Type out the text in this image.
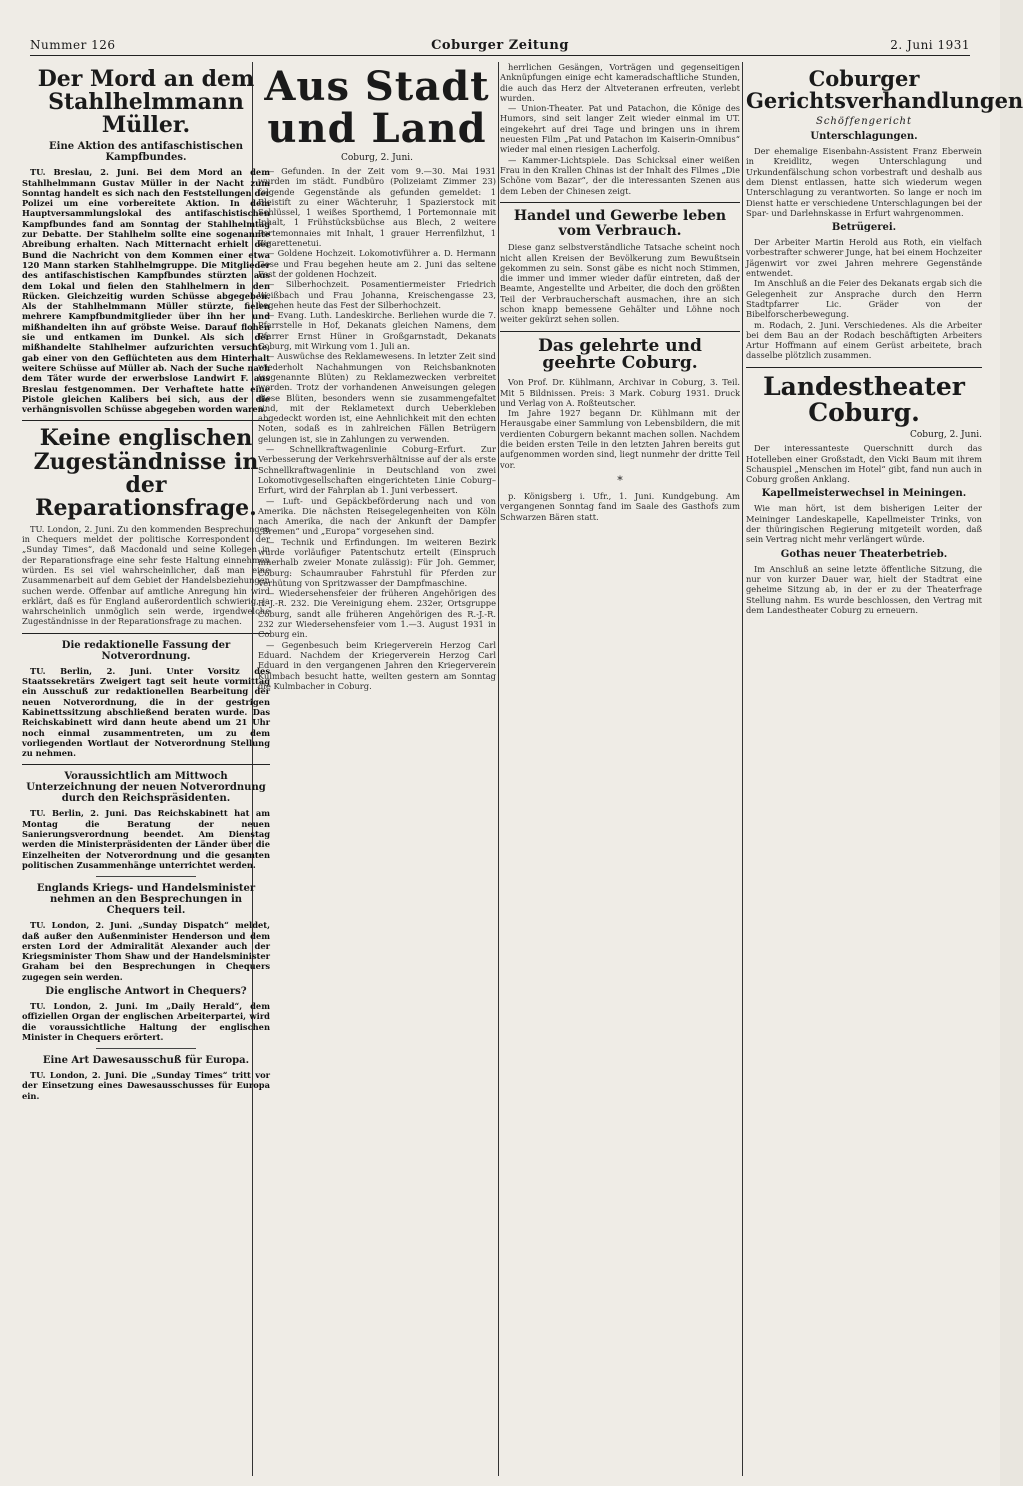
Nummer 126	Coburger Zeitung	2. Juni 1931
Der Mord an dem Stahlhelmmann Müller.
Eine Aktion des antifaschistischen Kampfbundes.

TU. Breslau, 2. Juni. Bei dem Mord an dem Stahlhelmmann Gustav Müller in der Nacht zum Sonntag handelt es sich nach den Feststellungen der Polizei um eine vorbereitete Aktion. In dem Hauptversammlungslokal des antifaschistischen Kampfbundes fand am Sonntag der Stahlhelmtag zur Debatte. Der Stahlhelm sollte eine sogenannte Abreibung erhalten. Nach Mitternacht erhielt der Bund die Nachricht von dem Kommen einer etwa 120 Mann starken Stahlhelmgruppe. Die Mitglieder des antifaschistischen Kampfbundes stürzten aus dem Lokal und fielen den Stahlhelmern in den Rücken. Gleichzeitig wurden Schüsse abgegeben. Als der Stahlhelmmann Müller stürzte, fielen mehrere Kampfbundmitglieder über ihn her und mißhandelten ihn auf gröbste Weise. Darauf flohen sie und entkamen im Dunkel. Als sich der mißhandelte Stahlhelmer aufzurichten versuchte, gab einer von den Geflüchteten aus dem Hinterhalt weitere Schüsse auf Müller ab. Nach der Suche nach dem Täter wurde der erwerbslose Landwirt F. aus Breslau festgenommen. Der Verhaftete hatte eine Pistole gleichen Kalibers bei sich, aus der die verhängnisvollen Schüsse abgegeben worden waren.

Keine englischen Zugeständnisse in der Reparationsfrage.

TU. London, 2. Juni. Zu den kommenden Besprechungen in Chequers meldet der politische Korrespondent der „Sunday Times“, daß Macdonald und seine Kollegen in der Reparationsfrage eine sehr feste Haltung einnehmen würden. Es sei viel wahrscheinlicher, daß man eine Zusammenarbeit auf dem Gebiet der Handelsbeziehungen suchen werde. Offenbar auf amtliche Anregung hin wird erklärt, daß es für England außerordentlich schwierig, ja wahrscheinlich unmöglich sein werde, irgendwelche Zugeständnisse in der Reparationsfrage zu machen.

Die redaktionelle Fassung der Notverordnung.

TU. Berlin, 2. Juni. Unter Vorsitz des Staatssekretärs Zweigert tagt seit heute vormittag ein Ausschuß zur redaktionellen Bearbeitung der neuen Notverordnung, die in der gestrigen Kabinettssitzung abschließend beraten wurde. Das Reichskabinett wird dann heute abend um 21 Uhr noch einmal zusammentreten, um zu dem vorliegenden Wortlaut der Notverordnung Stellung zu nehmen.

Voraussichtlich am Mittwoch Unterzeichnung der neuen Notverordnung durch den Reichspräsidenten.

TU. Berlin, 2. Juni. Das Reichskabinett hat am Montag die Beratung der neuen Sanierungsverordnung beendet. Am Dienstag werden die Ministerpräsidenten der Länder über die Einzelheiten der Notverordnung und die gesamten politischen Zusammenhänge unterrichtet werden.

Englands Kriegs- und Handelsminister nehmen an den Besprechungen in Chequers teil.

TU. London, 2. Juni. „Sunday Dispatch“ meldet, daß außer den Außenminister Henderson und dem ersten Lord der Admiralität Alexander auch der Kriegsminister Thom Shaw und der Handelsminister Graham bei den Besprechungen in Chequers zugegen sein werden.

Die englische Antwort in Chequers?

TU. London, 2. Juni. Im „Daily Herald“, dem offiziellen Organ der englischen Arbeiterpartei, wird die voraussichtliche Haltung der englischen Minister in Chequers erörtert.

Eine Art Dawesausschuß für Europa.

TU. London, 2. Juni. Die „Sunday Times“ tritt vor der Einsetzung eines Dawesausschusses für Europa ein.

Aus Stadt und Land
Coburg, 2. Juni.

— Gefunden. In der Zeit vom 9.—30. Mai 1931 wurden im städt. Fundbüro (Polizeiamt Zimmer 23) folgende Gegenstände als gefunden gemeldet: 1 Bleistift zu einer Wächteruhr, 1 Spazierstock mit Schlüssel, 1 weißes Sporthemd, 1 Portemonnaie mit Inhalt, 1 Frühstücksbüchse aus Blech, 2 weitere Portemonnaies mit Inhalt, 1 grauer Herrenfilzhut, 1 Zigarettenetui.

— Goldene Hochzeit. Lokomotivführer a. D. Hermann Gose und Frau begehen heute am 2. Juni das seltene Fest der goldenen Hochzeit.

— Silberhochzeit. Posamentiermeister Friedrich Weißbach und Frau Johanna, Kreischengasse 23, begehen heute das Fest der Silberhochzeit.

— Evang. Luth. Landeskirche. Berliehen wurde die 7. Pfarrstelle in Hof, Dekanats gleichen Namens, dem Pfarrer Ernst Hüner in Großgarnstadt, Dekanats Coburg, mit Wirkung vom 1. Juli an.

— Auswüchse des Reklamewesens. In letzter Zeit sind wiederholt Nachahmungen von Reichsbanknoten (sogenannte Blüten) zu Reklamezwecken verbreitet worden. Trotz der vorhandenen Anweisungen gelegen diese Blüten, besonders wenn sie zusammengefaltet sind, mit der Reklametext durch Ueberkleben abgedeckt worden ist, eine Aehnlichkeit mit den echten Noten, sodaß es in zahlreichen Fällen Betrügern gelungen ist, sie in Zahlungen zu verwenden.

— Schnellkraftwagenlinie Coburg–Erfurt. Zur Verbesserung der Verkehrsverhältnisse auf der als erste Schnellkraftwagenlinie in Deutschland von zwei Lokomotivgesellschaften eingerichteten Linie Coburg–Erfurt, wird der Fahrplan ab 1. Juni verbessert.

— Luft- und Gepäckbeförderung nach und von Amerika. Die nächsten Reisegelegenheiten von Köln nach Amerika, die nach der Ankunft der Dampfer „Bremen“ und „Europa“ vorgesehen sind.

— Technik und Erfindungen. Im weiteren Bezirk wurde vorläufiger Patentschutz erteilt (Einspruch innerhalb zweier Monate zulässig): Für Joh. Gemmer, Coburg: Schaumrauber Fahrstuhl für Pferden zur Verhütung von Spritzwasser der Dampfmaschine.

— Wiedersehensfeier der früheren Angehörigen des R.-J.-R. 232. Die Vereinigung ehem. 232er, Ortsgruppe Coburg, sandt alle früheren Angehörigen des R.-J.-R. 232 zur Wiedersehensfeier vom 1.—3. August 1931 in Coburg ein.

— Gegenbesuch beim Kriegerverein Herzog Carl Eduard. Nachdem der Kriegerverein Herzog Carl Eduard in den vergangenen Jahren den Kriegerverein Kulmbach besucht hatte, weilten gestern am Sonntag die Kulmbacher in Coburg.

herrlichen Gesängen, Vorträgen und gegenseitigen Anknüpfungen einige echt kameradschaftliche Stunden, die auch das Herz der Altveteranen erfreuten, verlebt wurden.

— Union-Theater. Pat und Patachon, die Könige des Humors, sind seit langer Zeit wieder einmal im UT. eingekehrt auf drei Tage und bringen uns in ihrem neuesten Film „Pat und Patachon im Kaiserin-Omnibus“ wieder mal einen riesigen Lacherfolg.

— Kammer-Lichtspiele. Das Schicksal einer weißen Frau in den Krallen Chinas ist der Inhalt des Filmes „Die Schöne vom Bazar“, der die interessanten Szenen aus dem Leben der Chinesen zeigt.

Handel und Gewerbe leben vom Verbrauch.

Diese ganz selbstverständliche Tatsache scheint noch nicht allen Kreisen der Bevölkerung zum Bewußtsein gekommen zu sein. Sonst gäbe es nicht noch Stimmen, die immer und immer wieder dafür eintreten, daß der Beamte, Angestellte und Arbeiter, die doch den größten Teil der Verbraucherschaft ausmachen, ihre an sich schon knapp bemessene Gehälter und Löhne noch weiter gekürzt sehen sollen.

Das gelehrte und geehrte Coburg.

Von Prof. Dr. Kühlmann, Archivar in Coburg, 3. Teil. Mit 5 Bildnissen. Preis: 3 Mark. Coburg 1931. Druck und Verlag von A. Roßteutscher.

Im Jahre 1927 begann Dr. Kühlmann mit der Herausgabe einer Sammlung von Lebensbildern, die mit verdienten Coburgern bekannt machen sollen. Nachdem die beiden ersten Teile in den letzten Jahren bereits gut aufgenommen worden sind, liegt nunmehr der dritte Teil vor.

*

p. Königsberg i. Ufr., 1. Juni. Kundgebung. Am vergangenen Sonntag fand im Saale des Gasthofs zum Schwarzen Bären statt.

Coburger Gerichtsverhandlungen
Schöffengericht
Unterschlagungen.

Der ehemalige Eisenbahn-Assistent Franz Eberwein in Kreidlitz, wegen Unterschlagung und Urkundenfälschung schon vorbestraft und deshalb aus dem Dienst entlassen, hatte sich wiederum wegen Unterschlagung zu verantworten. So lange er noch im Dienst hatte er verschiedene Unterschlagungen bei der Spar- und Darlehnskasse in Erfurt wahrgenommen.

Betrügerei.

Der Arbeiter Martin Herold aus Roth, ein vielfach vorbestrafter schwerer Junge, hat bei einem Hochzeiter Jägenwirt vor zwei Jahren mehrere Gegenstände entwendet.

Im Anschluß an die Feier des Dekanats ergab sich die Gelegenheit zur Ansprache durch den Herrn Stadtpfarrer Lic. Gräder von der Bibelforscherbewegung.

m. Rodach, 2. Juni. Verschiedenes. Als die Arbeiter bei dem Bau an der Rodach beschäftigten Arbeiters Artur Hoffmann auf einem Gerüst arbeitete, brach dasselbe plötzlich zusammen.

Landestheater Coburg.
Coburg, 2. Juni.

Der interessanteste Querschnitt durch das Hotelleben einer Großstadt, den Vicki Baum mit ihrem Schauspiel „Menschen im Hotel“ gibt, fand nun auch in Coburg großen Anklang.

Kapellmeisterwechsel in Meiningen.

Wie man hört, ist dem bisherigen Leiter der Meininger Landeskapelle, Kapellmeister Trinks, von der thüringischen Regierung mitgeteilt worden, daß sein Vertrag nicht mehr verlängert würde.

Gothas neuer Theaterbetrieb.

Im Anschluß an seine letzte öffentliche Sitzung, die nur von kurzer Dauer war, hielt der Stadtrat eine geheime Sitzung ab, in der er zu der Theaterfrage Stellung nahm. Es wurde beschlossen, den Vertrag mit dem Landestheater Coburg zu erneuern.
